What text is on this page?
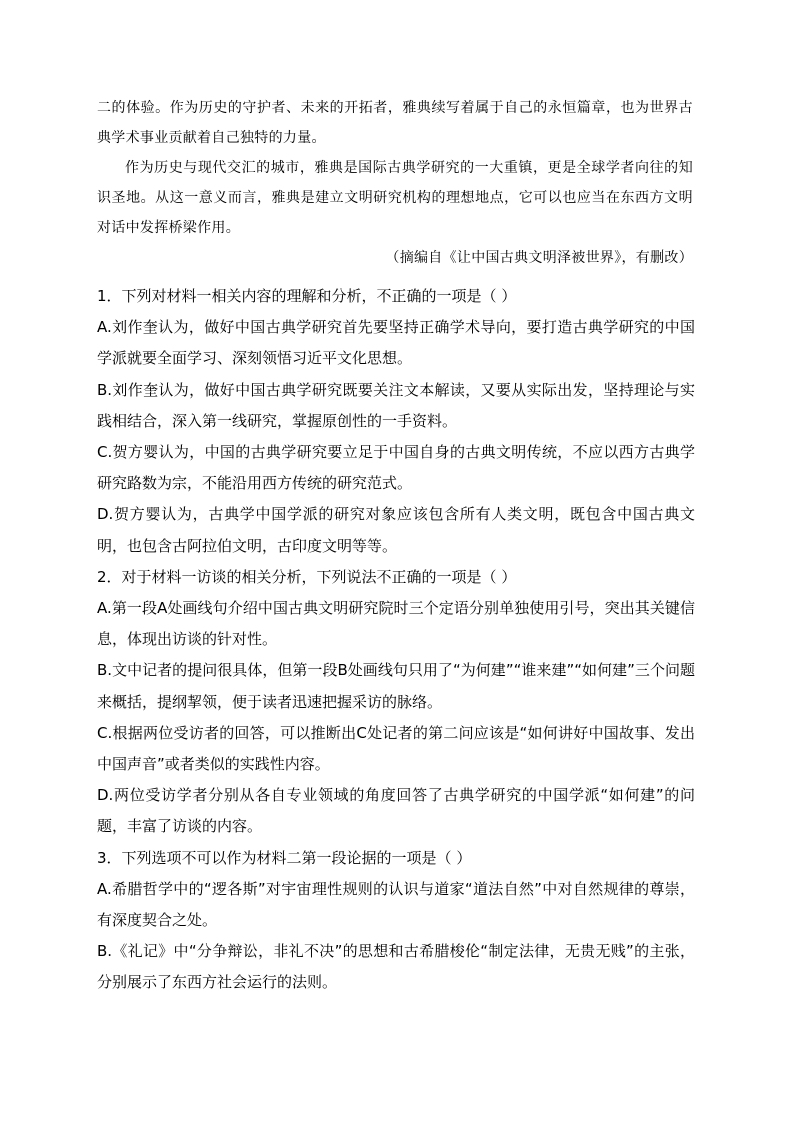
二的体验。作为历史的守护者、未来的开拓者，雅典续写着属于自己的永恒篇章，也为世界古典学术事业贡献着自己独特的力量。

作为历史与现代交汇的城市，雅典是国际古典学研究的一大重镇，更是全球学者向往的知识圣地。从这一意义而言，雅典是建立文明研究机构的理想地点，它可以也应当在东西方文明对话中发挥桥梁作用。

（摘编自《让中国古典文明泽被世界》，有删改）

1．下列对材料一相关内容的理解和分析，不正确的一项是（ ）

A.刘作奎认为，做好中国古典学研究首先要坚持正确学术导向，要打造古典学研究的中国学派就要全面学习、深刻领悟习近平文化思想。

B.刘作奎认为，做好中国古典学研究既要关注文本解读，又要从实际出发，坚持理论与实践相结合，深入第一线研究，掌握原创性的一手资料。

C.贺方婴认为，中国的古典学研究要立足于中国自身的古典文明传统，不应以西方古典学研究路数为宗，不能沿用西方传统的研究范式。

D.贺方婴认为，古典学中国学派的研究对象应该包含所有人类文明，既包含中国古典文明，也包含古阿拉伯文明，古印度文明等等。

2．对于材料一访谈的相关分析，下列说法不正确的一项是（ ）

A.第一段A处画线句介绍中国古典文明研究院时三个定语分别单独使用引号，突出其关键信息，体现出访谈的针对性。

B.文中记者的提问很具体，但第一段B处画线句只用了“为何建”“谁来建”“如何建”三个问题来概括，提纲挈领，便于读者迅速把握采访的脉络。

C.根据两位受访者的回答，可以推断出C处记者的第二问应该是“如何讲好中国故事、发出中国声音”或者类似的实践性内容。

D.两位受访学者分别从各自专业领域的角度回答了古典学研究的中国学派“如何建”的问题，丰富了访谈的内容。

3．下列选项不可以作为材料二第一段论据的一项是（ ）

A.希腊哲学中的“逻各斯”对宇宙理性规则的认识与道家“道法自然”中对自然规律的尊崇，有深度契合之处。

B.《礼记》中“分争辩讼，非礼不决”的思想和古希腊梭伦“制定法律，无贵无贱”的主张，分别展示了东西方社会运行的法则。
